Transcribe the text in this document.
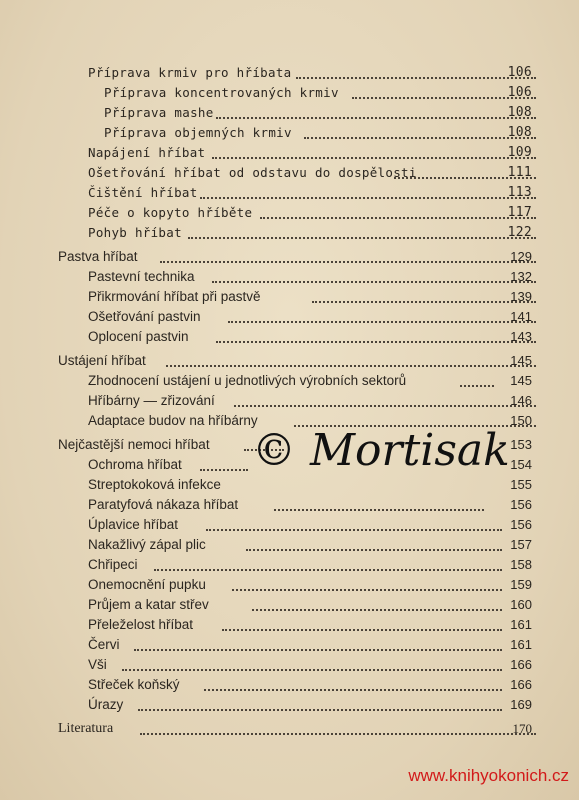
Příprava krmiv pro hříbata
Příprava koncentrovaných krmiv
Příprava mashe
Příprava objemných krmiv
Napájení hříbat
Ošetřování hříbat od odstavu do dospělosti
Čištění hříbat
Péče o kopyto hříběte
Pohyb hříbat
Pastva hříbat
Pastevní technika
Přikrmování hříbat při pastvě
Ošetřování pastvin
Oplocení pastvin
Ustájení hříbat
Zhodnocení ustájení u jednotlivých výrobních sektorů
Hříbárny — zřizování
Adaptace budov na hříbárny
Nejčastější nemoci hříbat
Ochroma hříbat
Streptokoková infekce
Paratyfová nákaza hříbat
Úplavice hříbat
Nakažlivý zápal plic
Chřipeci
Onemocnění pupku
Průjem a katar střev
Přeleželost hříbat
Červi
Vši
Střeček koňský
Úrazy
Literatura
106
106
108
108
109
111
113
117
122
129
132
139
141
143
145
145
146
150
153
154
155
156
156
157
158
159
160
161
161
166
166
169
170
© Mortisak
www.knihyokonich.cz
